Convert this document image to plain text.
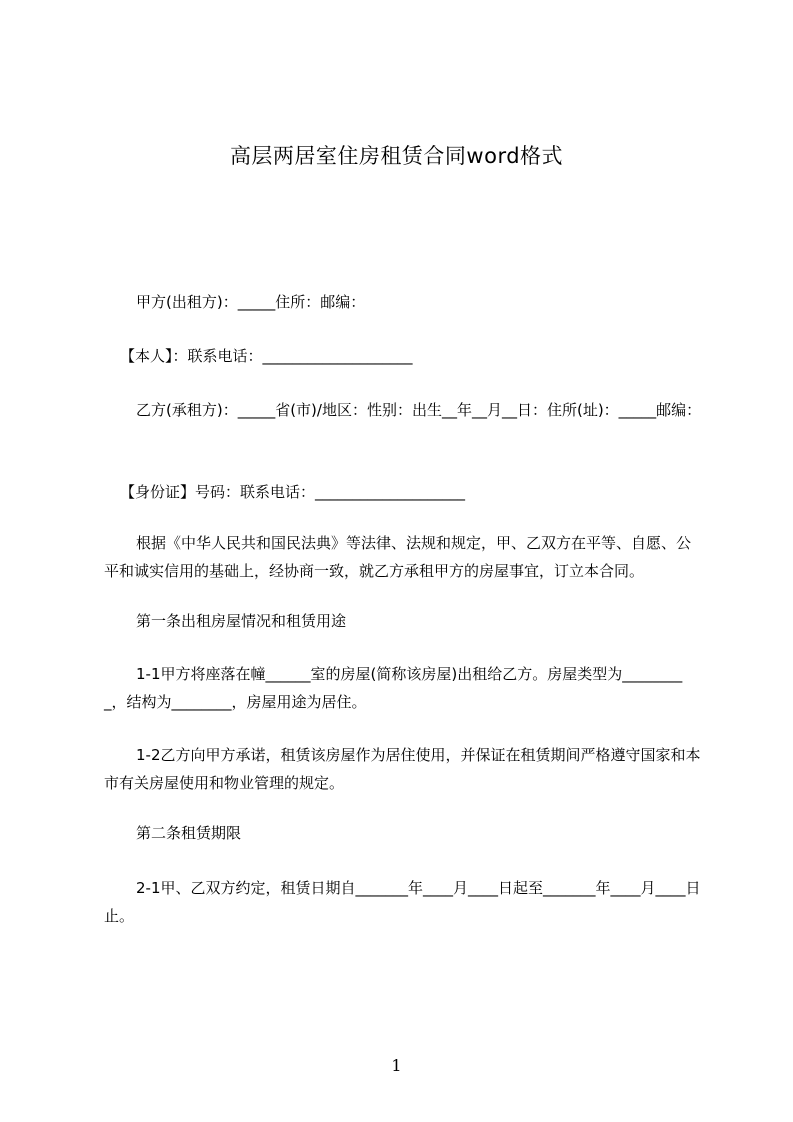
高层两居室住房租赁合同word格式

甲方(出租方)：_____住所：邮编：

【本人】：联系电话：____________________

乙方(承租方)：_____省(市)/地区：性别：出生__年__月__日：住所(址)：_____邮编：

【身份证】号码：联系电话：____________________

根据《中华人民共和国民法典》等法律、法规和规定，甲、乙双方在平等、自愿、公平和诚实信用的基础上，经协商一致，就乙方承租甲方的房屋事宜，订立本合同。

第一条出租房屋情况和租赁用途

1-1甲方将座落在幢______室的房屋(简称该房屋)出租给乙方。房屋类型为_________，结构为________，房屋用途为居住。

1-2乙方向甲方承诺，租赁该房屋作为居住使用，并保证在租赁期间严格遵守国家和本市有关房屋使用和物业管理的规定。

第二条租赁期限

2-1甲、乙双方约定，租赁日期自_______年____月____日起至_______年____月____日止。

1
